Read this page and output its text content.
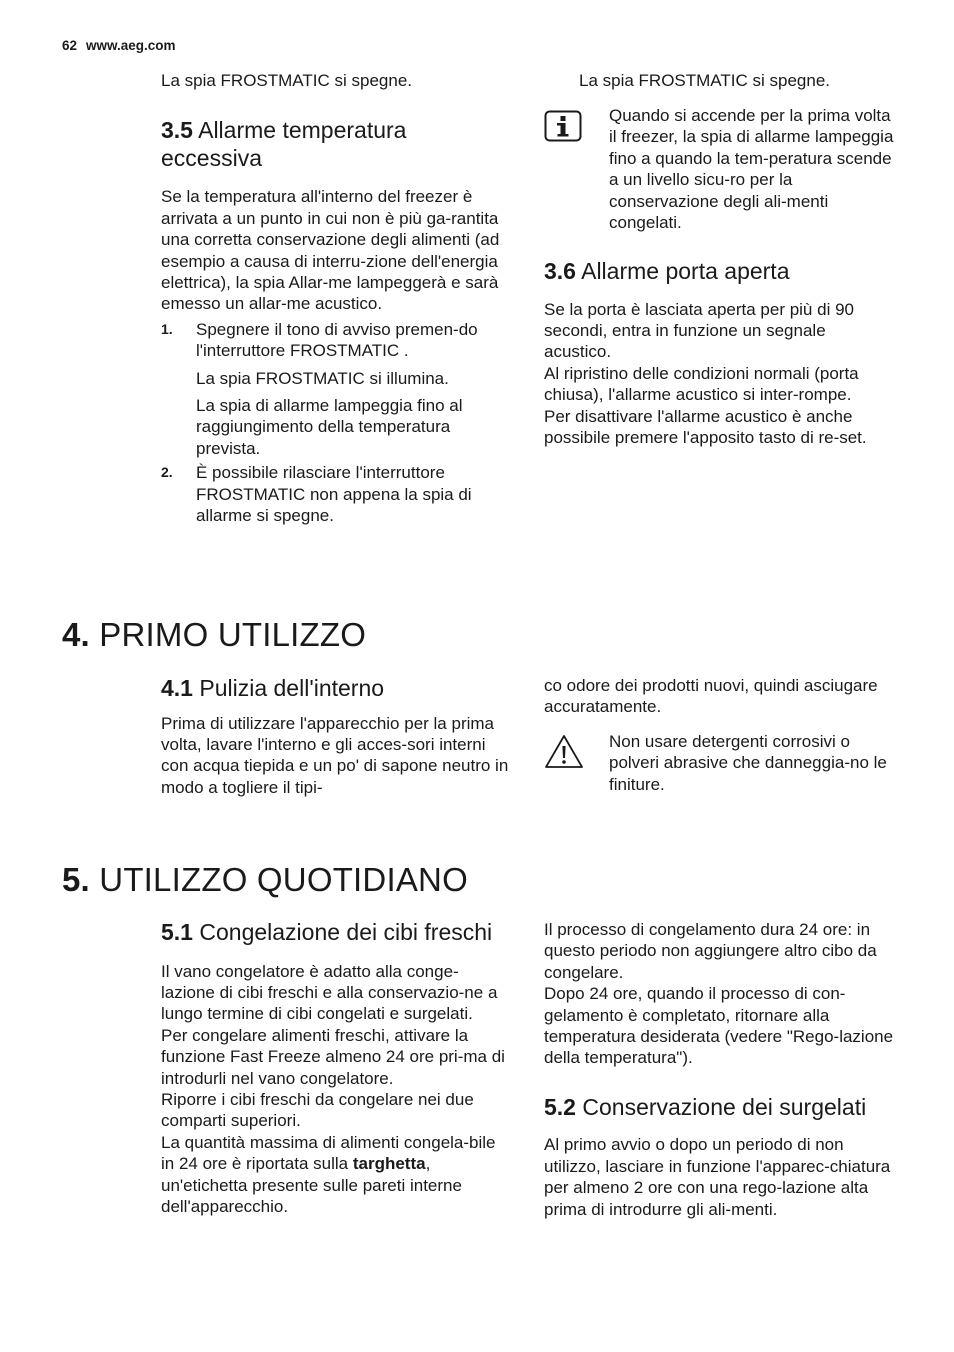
62 www.aeg.com

La spia FROSTMATIC si spegne.

3.5 Allarme temperatura eccessiva

Se la temperatura all'interno del freezer è arrivata a un punto in cui non è più ga-rantita una corretta conservazione degli alimenti (ad esempio a causa di interru-zione dell'energia elettrica), la spia Allar-me lampeggerà e sarà emesso un allar-me acustico.

1. Spegnere il tono di avviso premen-do l'interruttore FROSTMATIC .
La spia FROSTMATIC si illumina.
La spia di allarme lampeggia fino al raggiungimento della temperatura prevista.
2. È possibile rilasciare l'interruttore FROSTMATIC non appena la spia di allarme si spegne.

La spia FROSTMATIC si spegne.

Quando si accende per la prima volta il freezer, la spia di allarme lampeggia fino a quando la tem-peratura scende a un livello sicu-ro per la conservazione degli ali-menti congelati.
3.6 Allarme porta aperta

Se la porta è lasciata aperta per più di 90 secondi, entra in funzione un segnale acustico.

Al ripristino delle condizioni normali (porta chiusa), l'allarme acustico si inter-rompe.

Per disattivare l'allarme acustico è anche possibile premere l'apposito tasto di re-set.

4. PRIMO UTILIZZO
4.1 Pulizia dell'interno

Prima di utilizzare l'apparecchio per la prima volta, lavare l'interno e gli acces-sori interni con acqua tiepida e un po' di sapone neutro in modo a togliere il tipi-

co odore dei prodotti nuovi, quindi asciugare accuratamente.

Non usare detergenti corrosivi o polveri abrasive che danneggia-no le finiture.
5. UTILIZZO QUOTIDIANO
5.1 Congelazione dei cibi freschi

Il vano congelatore è adatto alla conge-lazione di cibi freschi e alla conservazio-ne a lungo termine di cibi congelati e surgelati.

Per congelare alimenti freschi, attivare la funzione Fast Freeze almeno 24 ore pri-ma di introdurli nel vano congelatore.

Riporre i cibi freschi da congelare nei due comparti superiori.

La quantità massima di alimenti congela-bile in 24 ore è riportata sulla targhetta, un'etichetta presente sulle pareti interne dell'apparecchio.

Il processo di congelamento dura 24 ore: in questo periodo non aggiungere altro cibo da congelare.

Dopo 24 ore, quando il processo di con-gelamento è completato, ritornare alla temperatura desiderata (vedere "Rego-lazione della temperatura").

5.2 Conservazione dei surgelati

Al primo avvio o dopo un periodo di non utilizzo, lasciare in funzione l'apparec-chiatura per almeno 2 ore con una rego-lazione alta prima di introdurre gli ali-menti.
